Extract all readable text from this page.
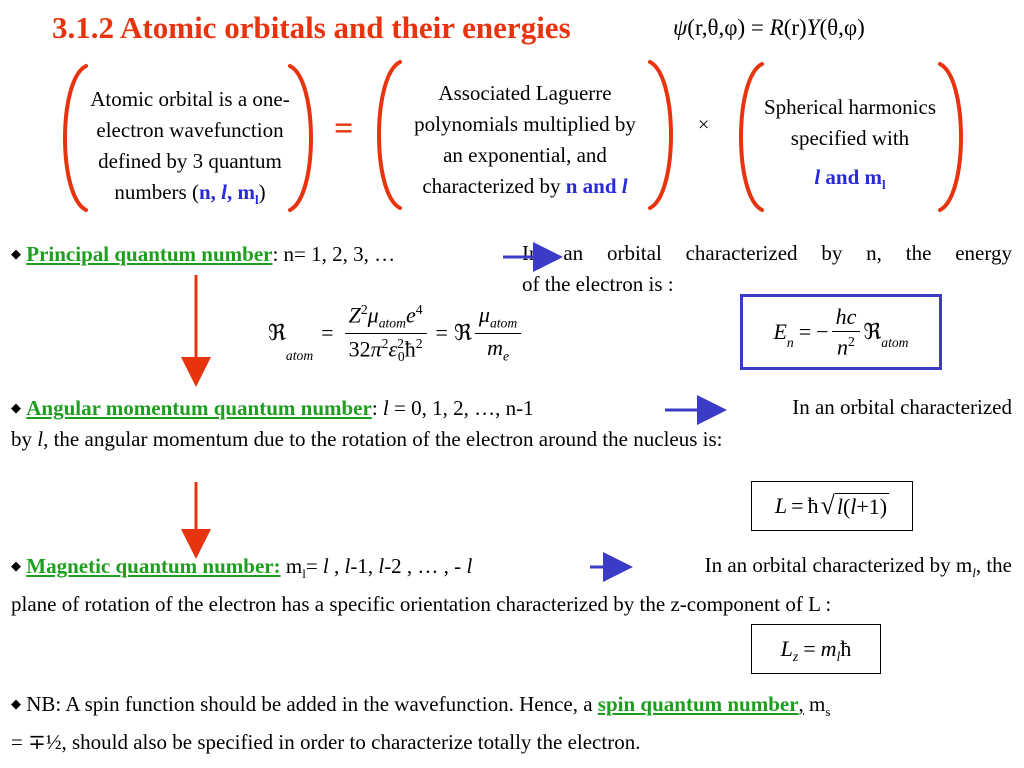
3.1.2 Atomic orbitals and their energies	ψ(r,θ,φ) = R(r)Y(θ,φ)
Atomic orbital is a one-
electron wavefunction
defined by 3 quantum
numbers (n, l, $m_l$)
=
Associated Laguerre
polynomials multiplied by
an exponential, and
characterized by n and l
×
Spherical harmonics
specified with
l and $m_l$
◆ Principal quantum number: n= 1, 2, 3, …	In an orbital characterized by n, the energy
of the electron is :
ℜ
atom
= $\frac{Z^2\mu_{atom}e^4}{32\pi^2\varepsilon^2_0ħ^2}$ = ℜ $\frac{\mu_{atom}}{m_e}$	$E_n$ = − $\frac{hc}{n^2}$ ℜ$_{atom}$
◆ Angular momentum quantum number: l = 0, 1, 2, …, n-1	In an orbital characterized
by l, the angular momentum due to the rotation of the electron around the nucleus is:
L = ħ √ l(l+1)
◆ Magnetic quantum number: $m_l= l$ , l-1, l-2 , … , - l	In an orbital characterized by $m_l$, the
plane of rotation of the electron has a specific orientation characterized by the z-component of L :
$L_z = m_l$ ħ
◆ NB: A spin function should be added in the wavefunction. Hence, a spin quantum number, $m_s$
= ∓½, should also be specified in order to characterize totally the electron.
